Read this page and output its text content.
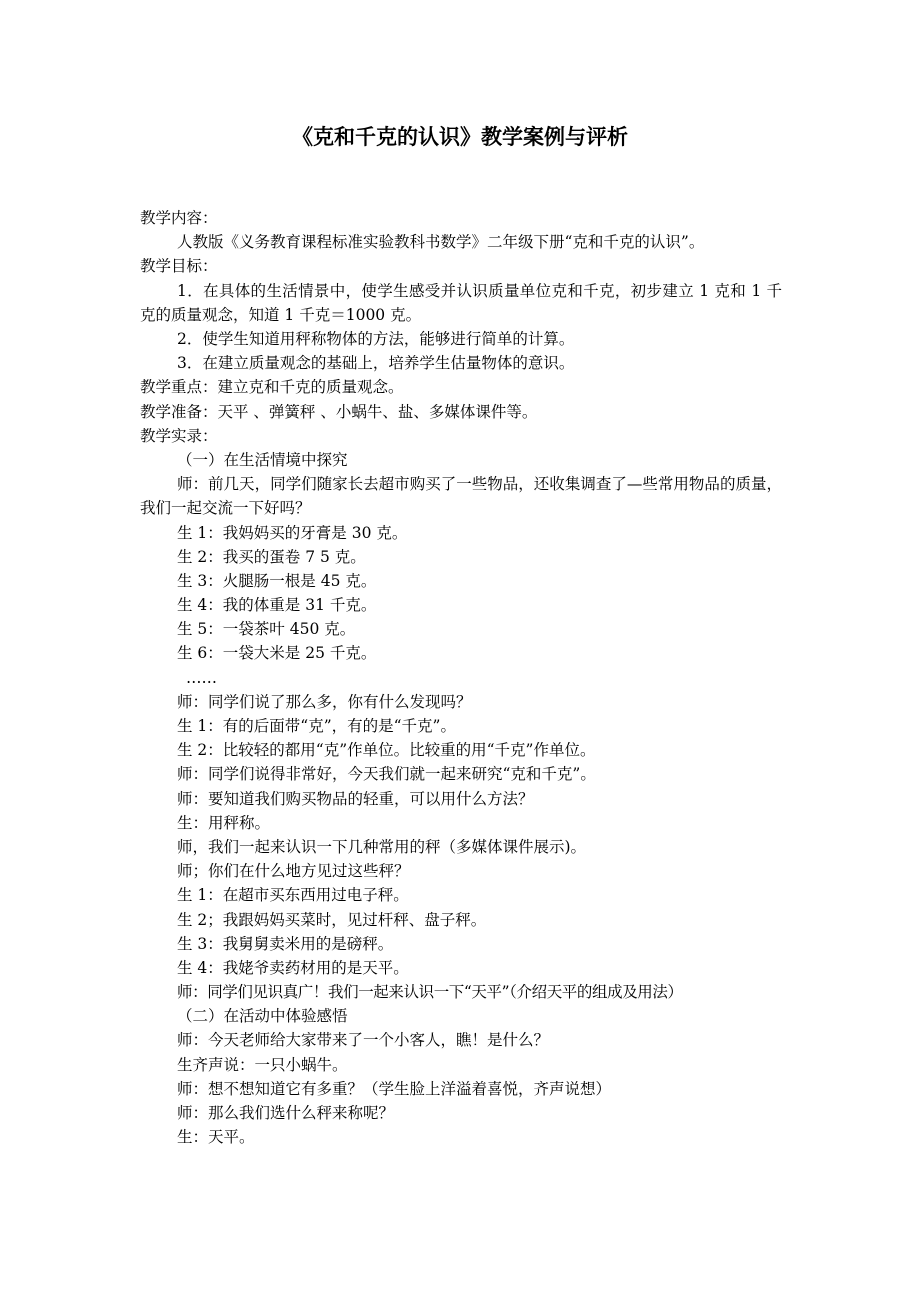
《克和千克的认识》教学案例与评析
教学内容：
人教版《义务教育课程标准实验教科书数学》二年级下册“克和千克的认识”。
教学目标：
1．在具体的生活情景中，使学生感受并认识质量单位克和千克，初步建立 1 克和 1 千克的质量观念，知道 1 千克＝1000 克。
2．使学生知道用秤称物体的方法，能够进行简单的计算。
3．在建立质量观念的基础上，培养学生估量物体的意识。
教学重点：建立克和千克的质量观念。
教学准备：天平 、弹簧秤 、小蜗牛、盐、多媒体课件等。
教学实录：
（一）在生活情境中探究
师：前几天，同学们随家长去超市购买了一些物品，还收集调查了—些常用物品的质量，我们一起交流一下好吗？
生 1：我妈妈买的牙膏是 30 克。
生 2：我买的蛋卷 7 5 克。
生 3：火腿肠一根是 45 克。
生 4：我的体重是 31 千克。
生 5：一袋茶叶 450 克。
生 6：一袋大米是 25 千克。
……
师：同学们说了那么多，你有什么发现吗？
生 1：有的后面带“克”，有的是“千克”。
生 2：比较轻的都用“克”作单位。比较重的用“千克”作单位。
师：同学们说得非常好，今天我们就一起来研究“克和千克”。
师：要知道我们购买物品的轻重，可以用什么方法？
生：用秤称。
师，我们一起来认识一下几种常用的秤（多媒体课件展示)。
师；你们在什么地方见过这些秤？
生 1：在超市买东西用过电子秤。
生 2；我跟妈妈买菜时，见过杆秤、盘子秤。
生 3：我舅舅卖米用的是磅秤。
生 4：我姥爷卖药材用的是天平。
师：同学们见识真广！我们一起来认识一下“天平”（介绍天平的组成及用法）
（二）在活动中体验感悟
师：今天老师给大家带来了一个小客人，瞧！是什么？
生齐声说：一只小蜗牛。
师：想不想知道它有多重？（学生脸上洋溢着喜悦，齐声说想）
师：那么我们选什么秤来称呢？
生：天平。
